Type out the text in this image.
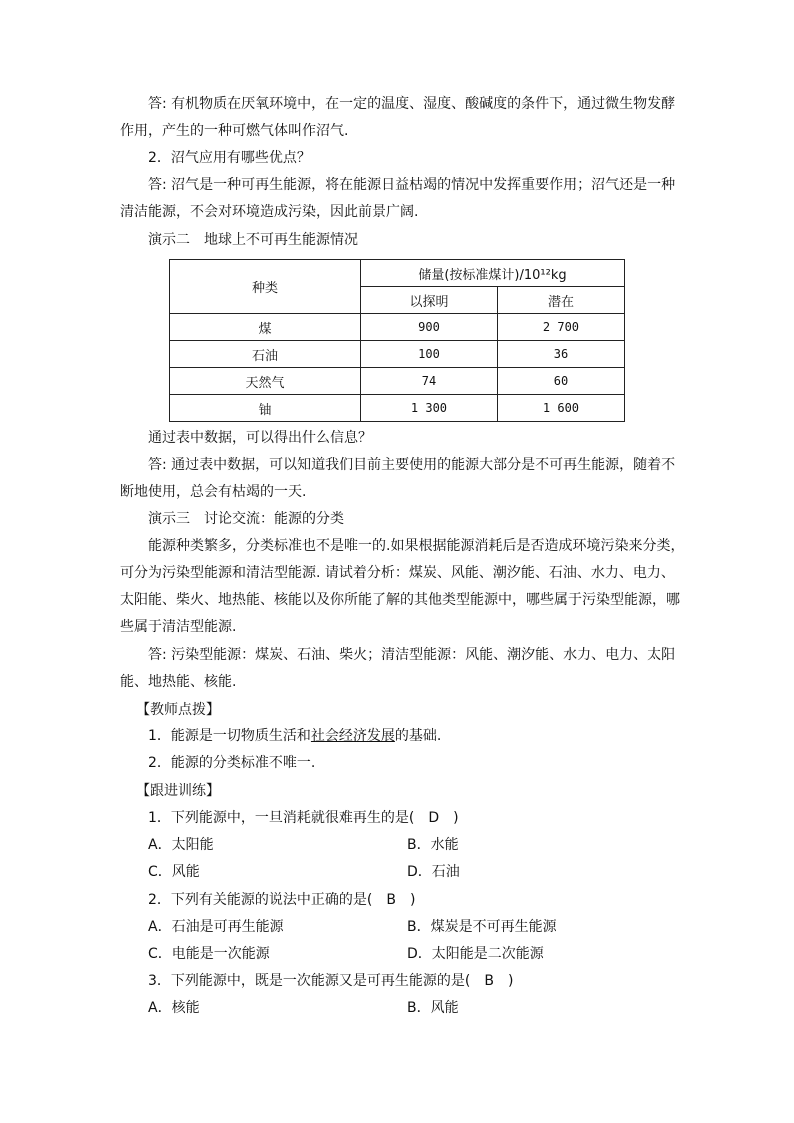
答: 有机物质在厌氧环境中，在一定的温度、湿度、酸碱度的条件下，通过微生物发酵
作用，产生的一种可燃气体叫作沼气.
2．沼气应用有哪些优点？
答: 沼气是一种可再生能源，将在能源日益枯竭的情况中发挥重要作用；沼气还是一种
清洁能源，不会对环境造成污染，因此前景广阔.
演示二　地球上不可再生能源情况
种类	储量(按标准煤计)/10¹²kg	
	以探明	潜在
煤	900	2 700
石油	100	36
天然气	74	60
铀	1 300	1 600
通过表中数据，可以得出什么信息？
答: 通过表中数据，可以知道我们目前主要使用的能源大部分是不可再生能源，随着不
断地使用，总会有枯竭的一天.
演示三　讨论交流：能源的分类
能源种类繁多，分类标准也不是唯一的.如果根据能源消耗后是否造成环境污染来分类，
可分为污染型能源和清洁型能源. 请试着分析：煤炭、风能、潮汐能、石油、水力、电力、
太阳能、柴火、地热能、核能以及你所能了解的其他类型能源中，哪些属于污染型能源，哪
些属于清洁型能源.
答: 污染型能源：煤炭、石油、柴火；清洁型能源：风能、潮汐能、水力、电力、太阳
能、地热能、核能.
【教师点拨】
1．能源是一切物质生活和社会经济发展的基础.
2．能源的分类标准不唯一.
【跟进训练】
1．下列能源中，一旦消耗就很难再生的是(　D　)
A．太阳能	B．水能
C．风能	D．石油
2．下列有关能源的说法中正确的是(　B　)
A．石油是可再生能源	B．煤炭是不可再生能源
C．电能是一次能源	D．太阳能是二次能源
3．下列能源中，既是一次能源又是可再生能源的是(　B　)
A．核能	B．风能
